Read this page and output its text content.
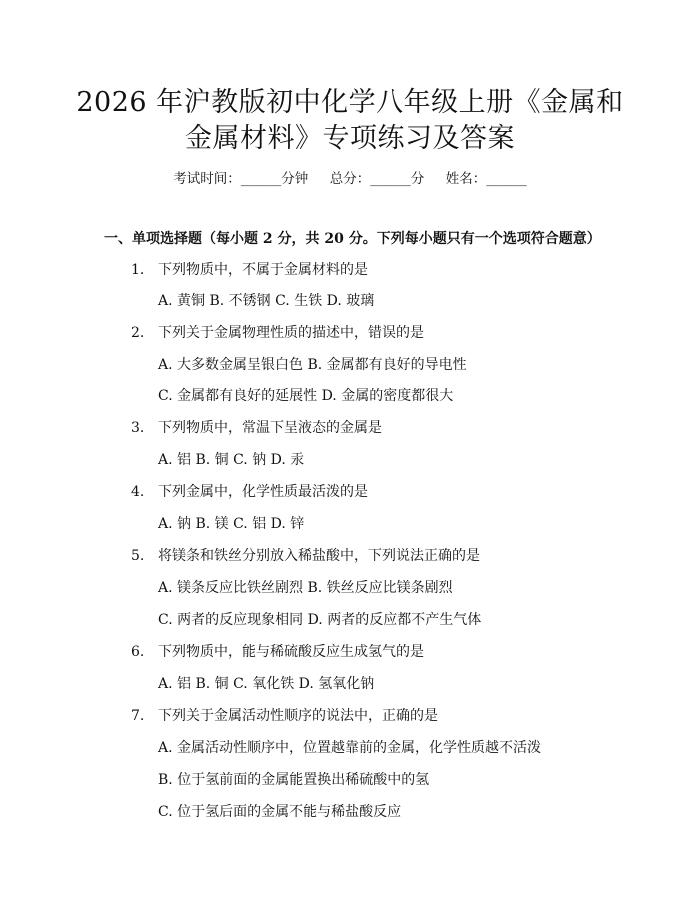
2026 年沪教版初中化学八年级上册《金属和
金属材料》专项练习及答案
考试时间：______分钟     总分：______分     姓名：______
一、单项选择题（每小题 2 分，共 20 分。下列每小题只有一个选项符合题意）
1. 下列物质中，不属于金属材料的是
A. 黄铜 B. 不锈钢 C. 生铁 D. 玻璃
2. 下列关于金属物理性质的描述中，错误的是
A. 大多数金属呈银白色 B. 金属都有良好的导电性
C. 金属都有良好的延展性 D. 金属的密度都很大
3. 下列物质中，常温下呈液态的金属是
A. 铝 B. 铜 C. 钠 D. 汞
4. 下列金属中，化学性质最活泼的是
A. 钠 B. 镁 C. 铝 D. 锌
5. 将镁条和铁丝分别放入稀盐酸中，下列说法正确的是
A. 镁条反应比铁丝剧烈 B. 铁丝反应比镁条剧烈
C. 两者的反应现象相同 D. 两者的反应都不产生气体
6. 下列物质中，能与稀硫酸反应生成氢气的是
A. 铝 B. 铜 C. 氧化铁 D. 氢氧化钠
7. 下列关于金属活动性顺序的说法中，正确的是
A. 金属活动性顺序中，位置越靠前的金属，化学性质越不活泼
B. 位于氢前面的金属能置换出稀硫酸中的氢
C. 位于氢后面的金属不能与稀盐酸反应
